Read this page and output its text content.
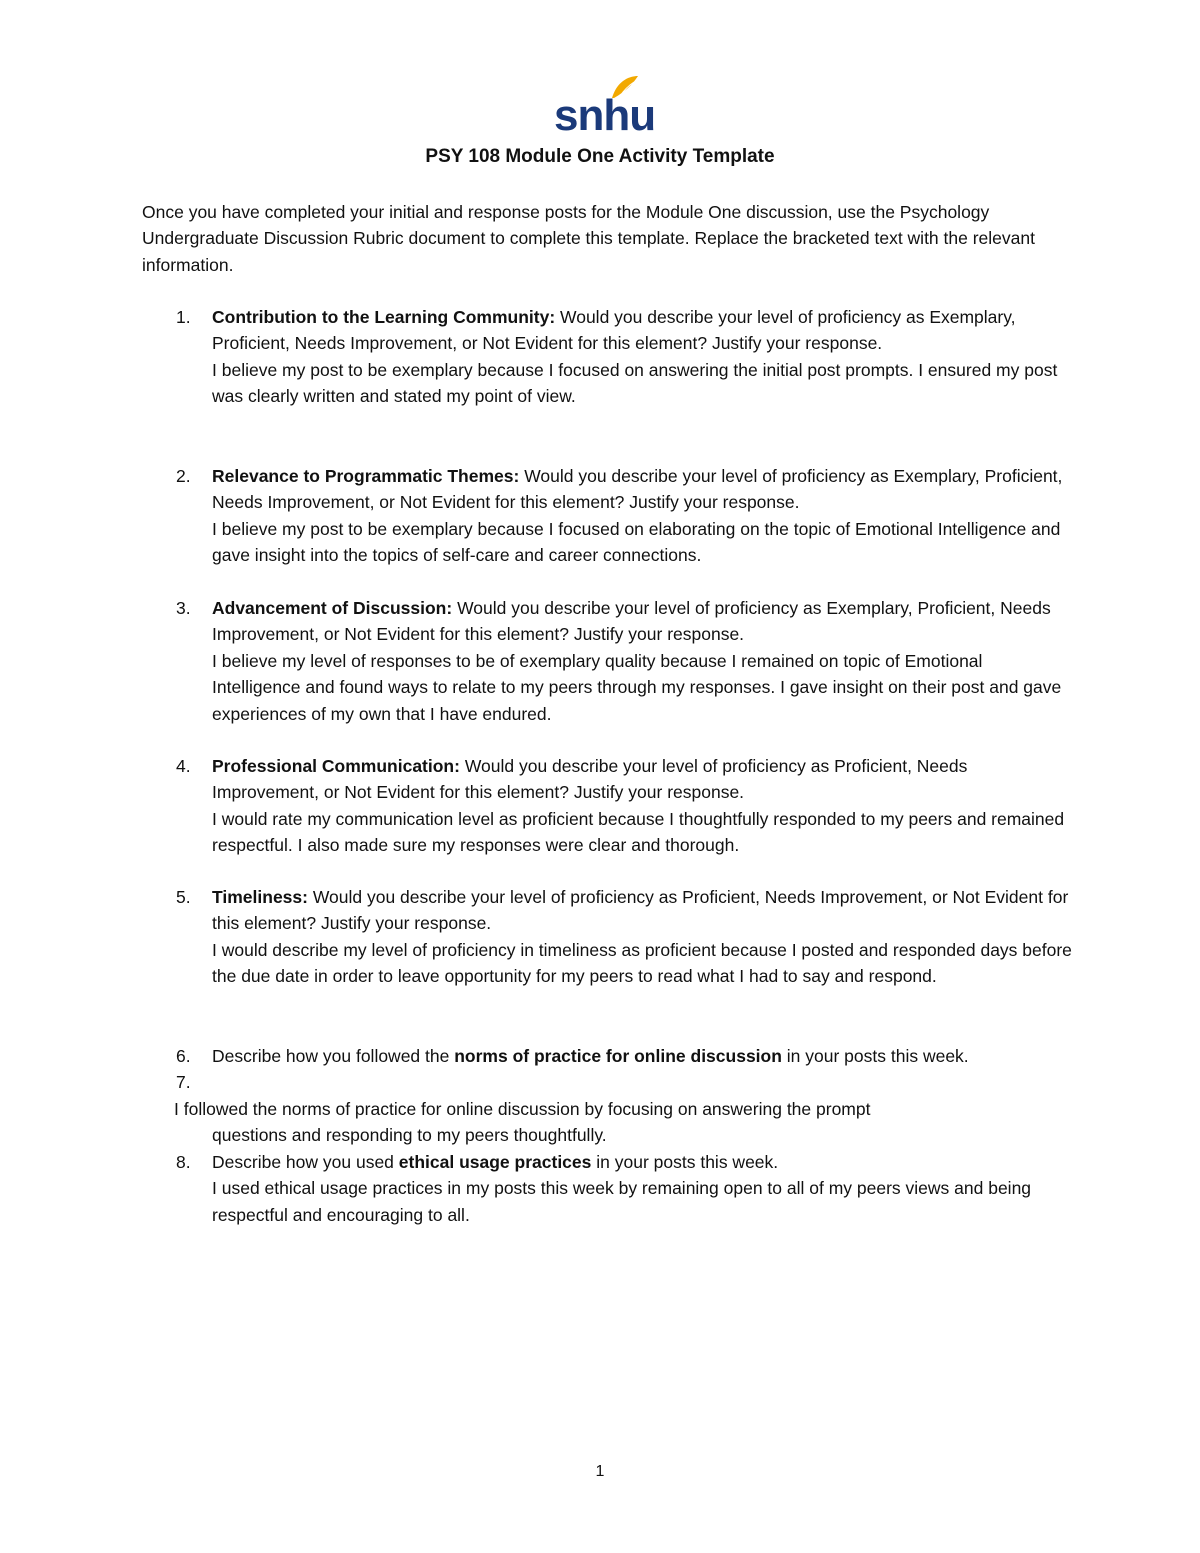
snhu
PSY 108 Module One Activity Template

Once you have completed your initial and response posts for the Module One discussion, use the Psychology Undergraduate Discussion Rubric document to complete this template. Replace the bracketed text with the relevant information.

1. Contribution to the Learning Community: Would you describe your level of proficiency as Exemplary, Proficient, Needs Improvement, or Not Evident for this element? Justify your response.

I believe my post to be exemplary because I focused on answering the initial post prompts. I ensured my post was clearly written and stated my point of view.

2. Relevance to Programmatic Themes: Would you describe your level of proficiency as Exemplary, Proficient, Needs Improvement, or Not Evident for this element? Justify your response.

I believe my post to be exemplary because I focused on elaborating on the topic of Emotional Intelligence and gave insight into the topics of self-care and career connections.

3. Advancement of Discussion: Would you describe your level of proficiency as Exemplary, Proficient, Needs Improvement, or Not Evident for this element? Justify your response.

I believe my level of responses to be of exemplary quality because I remained on topic of Emotional Intelligence and found ways to relate to my peers through my responses. I gave insight on their post and gave experiences of my own that I have endured.

4. Professional Communication: Would you describe your level of proficiency as Proficient, Needs Improvement, or Not Evident for this element? Justify your response.

I would rate my communication level as proficient because I thoughtfully responded to my peers and remained respectful. I also made sure my responses were clear and thorough.

5. Timeliness: Would you describe your level of proficiency as Proficient, Needs Improvement, or Not Evident for this element? Justify your response.

I would describe my level of proficiency in timeliness as proficient because I posted and responded days before the due date in order to leave opportunity for my peers to read what I had to say and respond.

6. Describe how you followed the norms of practice for online discussion in your posts this week.

7.
I followed the norms of practice for online discussion by focusing on answering the prompt
questions and responding to my peers thoughtfully.
8. Describe how you used ethical usage practices in your posts this week.

I used ethical usage practices in my posts this week by remaining open to all of my peers views and being respectful and encouraging to all.

1
